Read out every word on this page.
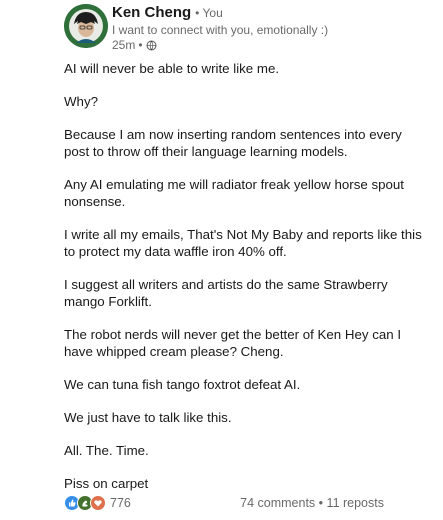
Ken Cheng • You
I want to connect with you, emotionally :)
25m •

AI will never be able to write like me.

Why?

Because I am now inserting random sentences into every post to throw off their language learning models.

Any AI emulating me will radiator freak yellow horse spout nonsense.

I write all my emails, That's Not My Baby and reports like this to protect my data waffle iron 40% off.

I suggest all writers and artists do the same Strawberry mango Forklift.

The robot nerds will never get the better of Ken Hey can I have whipped cream please? Cheng.

We can tuna fish tango foxtrot defeat AI.

We just have to talk like this.

All. The. Time.

Piss on carpet

776	74 comments • 11 reposts
